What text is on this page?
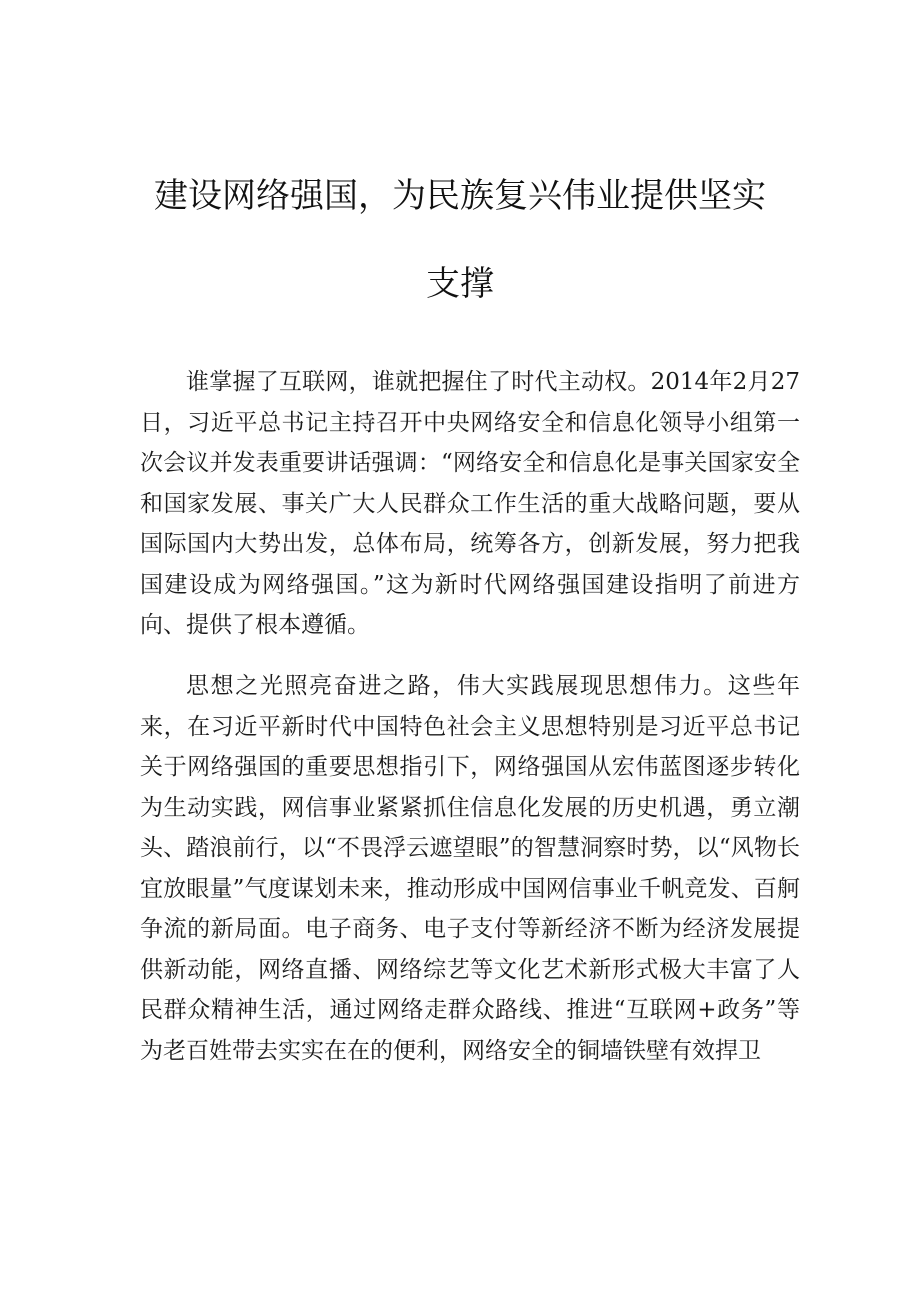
建设网络强国，为民族复兴伟业提供坚实
支撑

谁掌握了互联网，谁就把握住了时代主动权。2014年2月27日，习近平总书记主持召开中央网络安全和信息化领导小组第一次会议并发表重要讲话强调：“网络安全和信息化是事关国家安全和国家发展、事关广大人民群众工作生活的重大战略问题，要从国际国内大势出发，总体布局，统筹各方，创新发展，努力把我国建设成为网络强国。”这为新时代网络强国建设指明了前进方向、提供了根本遵循。

思想之光照亮奋进之路，伟大实践展现思想伟力。这些年来，在习近平新时代中国特色社会主义思想特别是习近平总书记关于网络强国的重要思想指引下，网络强国从宏伟蓝图逐步转化为生动实践，网信事业紧紧抓住信息化发展的历史机遇，勇立潮头、踏浪前行，以“不畏浮云遮望眼”的智慧洞察时势，以“风物长宜放眼量”气度谋划未来，推动形成中国网信事业千帆竞发、百舸争流的新局面。电子商务、电子支付等新经济不断为经济发展提供新动能，网络直播、网络综艺等文化艺术新形式极大丰富了人民群众精神生活，通过网络走群众路线、推进“互联网+政务”等为老百姓带去实实在在的便利，网络安全的铜墙铁壁有效捍卫
